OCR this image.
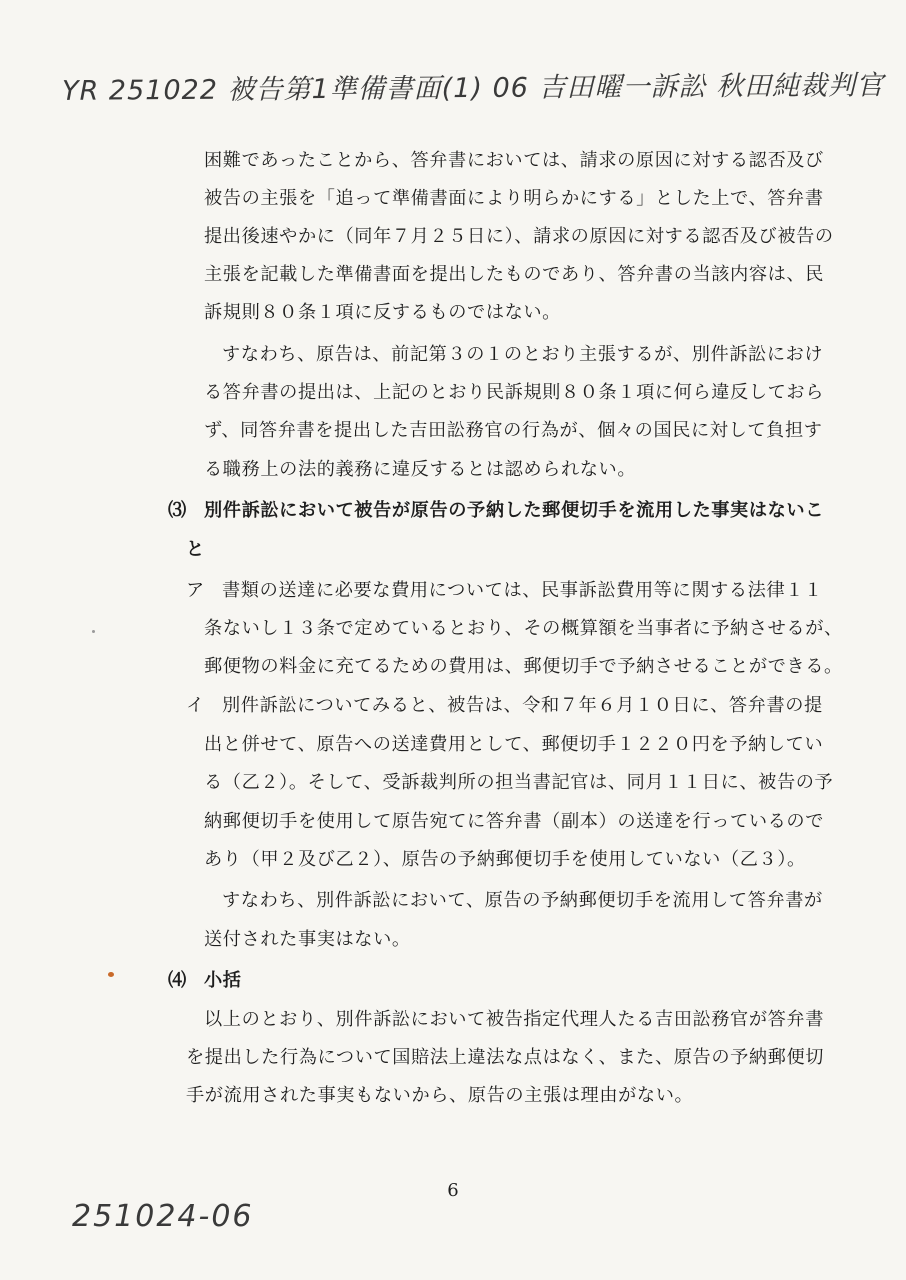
YR 251022 被告第1準備書面(1) 06 吉田曜一訴訟 秋田純裁判官
困難であったことから、答弁書においては、請求の原因に対する認否及び
被告の主張を「追って準備書面により明らかにする」とした上で、答弁書
提出後速やかに（同年７月２５日に）、請求の原因に対する認否及び被告の
主張を記載した準備書面を提出したものであり、答弁書の当該内容は、民
訴規則８０条１項に反するものではない。
すなわち、原告は、前記第３の１のとおり主張するが、別件訴訟におけ
る答弁書の提出は、上記のとおり民訴規則８０条１項に何ら違反しておら
ず、同答弁書を提出した吉田訟務官の行為が、個々の国民に対して負担す
る職務上の法的義務に違反するとは認められない。
⑶ 別件訴訟において被告が原告の予納した郵便切手を流用した事実はないこ
と
ア 書類の送達に必要な費用については、民事訴訟費用等に関する法律１１
条ないし１３条で定めているとおり、その概算額を当事者に予納させるが、
郵便物の料金に充てるための費用は、郵便切手で予納させることができる。
イ 別件訴訟についてみると、被告は、令和７年６月１０日に、答弁書の提
出と併せて、原告への送達費用として、郵便切手１２２０円を予納してい
る（乙２）。そして、受訴裁判所の担当書記官は、同月１１日に、被告の予
納郵便切手を使用して原告宛てに答弁書（副本）の送達を行っているので
あり（甲２及び乙２）、原告の予納郵便切手を使用していない（乙３）。
すなわち、別件訴訟において、原告の予納郵便切手を流用して答弁書が
送付された事実はない。
⑷ 小括
以上のとおり、別件訴訟において被告指定代理人たる吉田訟務官が答弁書
を提出した行為について国賠法上違法な点はなく、また、原告の予納郵便切
手が流用された事実もないから、原告の主張は理由がない。
6
251024-06
